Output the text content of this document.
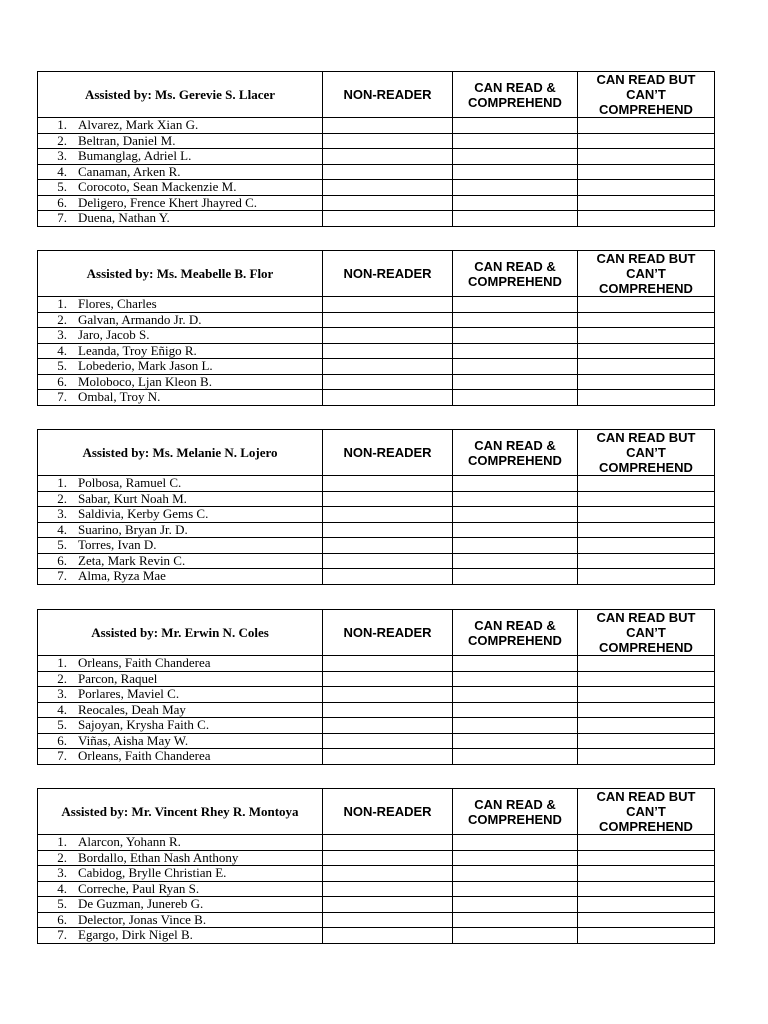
Assisted by: Ms. Gerevie S. Llacer	NON-READER	CAN READ & COMPREHEND	CAN READ BUT CAN’T COMPREHEND
1. Alvarez, Mark Xian G.			
2. Beltran, Daniel M.			
3. Bumanglag, Adriel L.			
4. Canaman, Arken R.			
5. Corocoto, Sean Mackenzie M.			
6. Deligero, Frence Khert Jhayred C.			
7. Duena, Nathan Y.			
Assisted by: Ms. Meabelle B. Flor	NON-READER	CAN READ & COMPREHEND	CAN READ BUT CAN’T COMPREHEND
1. Flores, Charles			
2. Galvan, Armando Jr. D.			
3. Jaro, Jacob S.			
4. Leanda, Troy Eñigo R.			
5. Lobederio, Mark Jason L.			
6. Moloboco, Ljan Kleon B.			
7. Ombal, Troy N.			
Assisted by: Ms. Melanie N. Lojero	NON-READER	CAN READ & COMPREHEND	CAN READ BUT CAN’T COMPREHEND
1. Polbosa, Ramuel C.			
2. Sabar, Kurt Noah M.			
3. Saldivia, Kerby Gems C.			
4. Suarino, Bryan Jr. D.			
5. Torres, Ivan D.			
6. Zeta, Mark Revin C.			
7. Alma, Ryza Mae			
Assisted by: Mr. Erwin N. Coles	NON-READER	CAN READ & COMPREHEND	CAN READ BUT CAN’T COMPREHEND
1. Orleans, Faith Chanderea			
2. Parcon, Raquel			
3. Porlares, Maviel C.			
4. Reocales, Deah May			
5. Sajoyan, Krysha Faith C.			
6. Viñas, Aisha May W.			
7. Orleans, Faith Chanderea			
Assisted by: Mr. Vincent Rhey R. Montoya	NON-READER	CAN READ & COMPREHEND	CAN READ BUT CAN’T COMPREHEND
1. Alarcon, Yohann R.			
2. Bordallo, Ethan Nash Anthony			
3. Cabidog, Brylle Christian E.			
4. Correche, Paul Ryan S.			
5. De Guzman, Junereb G.			
6. Delector, Jonas Vince B.			
7. Egargo, Dirk Nigel B.			
